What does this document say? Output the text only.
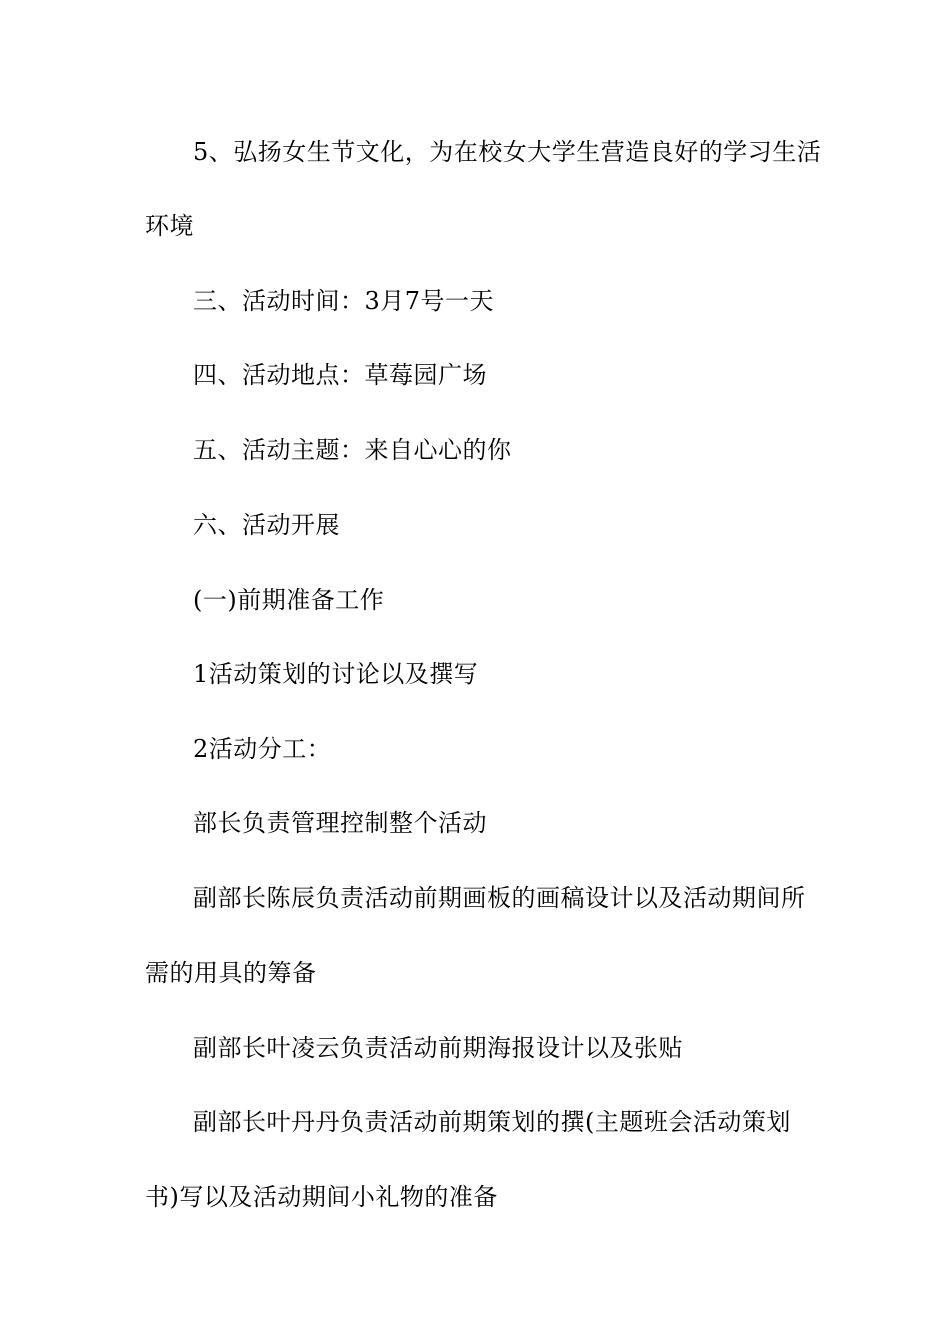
5、弘扬女生节文化，为在校女大学生营造良好的学习生活
环境
三、活动时间：3月7号一天
四、活动地点：草莓园广场
五、活动主题：来自心心的你
六、活动开展
(一)前期准备工作
1活动策划的讨论以及撰写
2活动分工：
部长负责管理控制整个活动
副部长陈辰负责活动前期画板的画稿设计以及活动期间所
需的用具的筹备
副部长叶凌云负责活动前期海报设计以及张贴
副部长叶丹丹负责活动前期策划的撰(主题班会活动策划
书)写以及活动期间小礼物的准备
